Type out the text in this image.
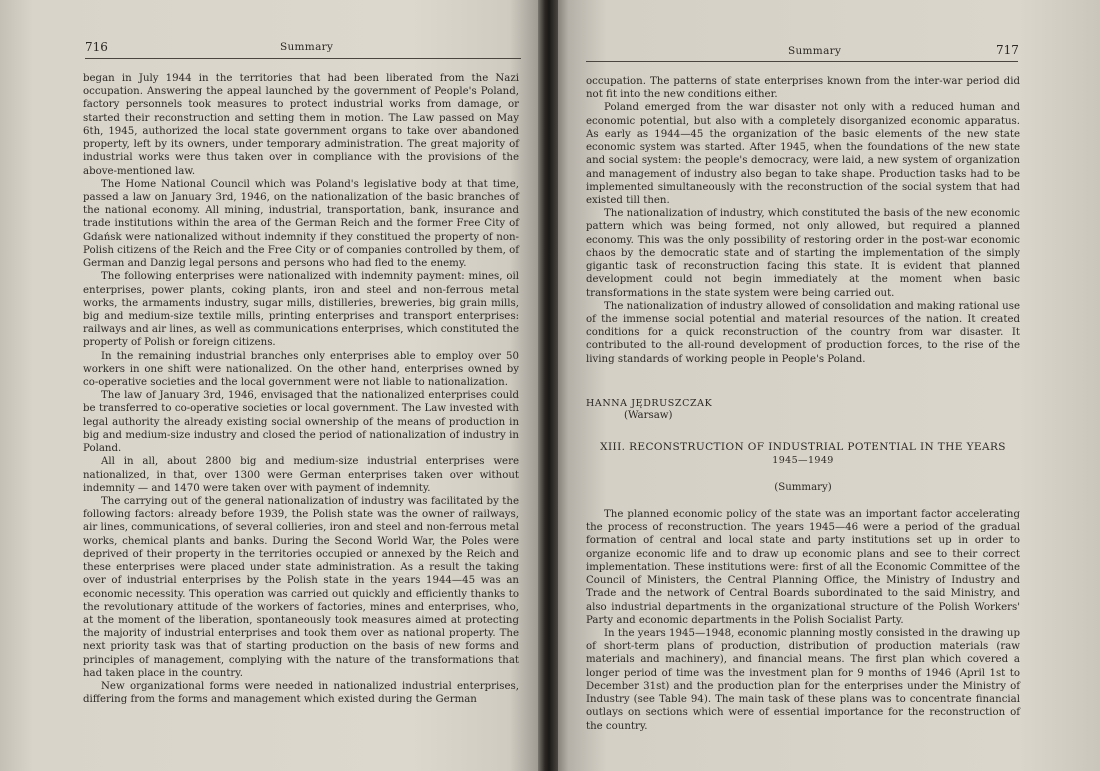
716	Summary

began in July 1944 in the territories that had been liberated from the Nazi occupation. Answering the appeal launched by the government of People's Poland, factory personnels took measures to protect industrial works from damage, or started their reconstruction and setting them in motion. The Law passed on May 6th, 1945, authorized the local state government organs to take over abandoned property, left by its owners, under temporary administration. The great majority of industrial works were thus taken over in compliance with the provisions of the above-mentioned law.

The Home National Council which was Poland's legislative body at that time, passed a law on January 3rd, 1946, on the nationalization of the basic branches of the national economy. All mining, industrial, transportation, bank, insurance and trade institutions within the area of the German Reich and the former Free City of Gdańsk were nationalized without indemnity if they constitued the property of non-Polish citizens of the Reich and the Free City or of companies controlled by them, of German and Danzig legal persons and persons who had fled to the enemy.

The following enterprises were nationalized with indemnity payment: mines, oil enterprises, power plants, coking plants, iron and steel and non-ferrous metal works, the armaments industry, sugar mills, distilleries, breweries, big grain mills, big and medium-size textile mills, printing enterprises and transport enterprises: railways and air lines, as well as communications enterprises, which constituted the property of Polish or foreign citizens.

In the remaining industrial branches only enterprises able to employ over 50 workers in one shift were nationalized. On the other hand, enterprises owned by co-operative societies and the local government were not liable to nationalization.

The law of January 3rd, 1946, envisaged that the nationalized enterprises could be transferred to co-operative societies or local government. The Law invested with legal authority the already existing social ownership of the means of production in big and medium-size industry and closed the period of nationalization of industry in Poland.

All in all, about 2800 big and medium-size industrial enterprises were nationalized, in that, over 1300 were German enterprises taken over without indemnity — and 1470 were taken over with payment of indemnity.

The carrying out of the general nationalization of industry was facilitated by the following factors: already before 1939, the Polish state was the owner of railways, air lines, communications, of several collieries, iron and steel and non-ferrous metal works, chemical plants and banks. During the Second World War, the Poles were deprived of their property in the territories occupied or annexed by the Reich and these enterprises were placed under state administration. As a result the taking over of industrial enterprises by the Polish state in the years 1944—45 was an economic necessity. This operation was carried out quickly and efficiently thanks to the revolutionary attitude of the workers of factories, mines and enterprises, who, at the moment of the liberation, spontaneously took measures aimed at protecting the majority of industrial enterprises and took them over as national property. The next priority task was that of starting production on the basis of new forms and principles of management, complying with the nature of the transformations that had taken place in the country.

New organizational forms were needed in nationalized industrial enterprises, differing from the forms and management which existed during the German

Summary	717

occupation. The patterns of state enterprises known from the inter-war period did not fit into the new conditions either.

Poland emerged from the war disaster not only with a reduced human and economic potential, but also with a completely disorganized economic apparatus. As early as 1944—45 the organization of the basic elements of the new state economic system was started. After 1945, when the foundations of the new state and social system: the people's democracy, were laid, a new system of organization and management of industry also began to take shape. Production tasks had to be implemented simultaneously with the reconstruction of the social system that had existed till then.

The nationalization of industry, which constituted the basis of the new economic pattern which was being formed, not only allowed, but required a planned economy. This was the only possibility of restoring order in the post-war economic chaos by the democratic state and of starting the implementation of the simply gigantic task of reconstruction facing this state. It is evident that planned development could not begin immediately at the moment when basic transformations in the state system were being carried out.

The nationalization of industry allowed of consolidation and making rational use of the immense social potential and material resources of the nation. It created conditions for a quick reconstruction of the country from war disaster. It contributed to the all-round development of production forces, to the rise of the living standards of working people in People's Poland.

HANNA JĘDRUSZCZAK
(Warsaw)
XIII. RECONSTRUCTION OF INDUSTRIAL POTENTIAL IN THE YEARS
1945—1949
(Summary)

The planned economic policy of the state was an important factor accelerating the process of reconstruction. The years 1945—46 were a period of the gradual formation of central and local state and party institutions set up in order to organize economic life and to draw up economic plans and see to their correct implementation. These institutions were: first of all the Economic Committee of the Council of Ministers, the Central Planning Office, the Ministry of Industry and Trade and the network of Central Boards subordinated to the said Ministry, and also industrial departments in the organizational structure of the Polish Workers' Party and economic departments in the Polish Socialist Party.

In the years 1945—1948, economic planning mostly consisted in the drawing up of short-term plans of production, distribution of production materials (raw materials and machinery), and financial means. The first plan which covered a longer period of time was the investment plan for 9 months of 1946 (April 1st to December 31st) and the production plan for the enterprises under the Ministry of Industry (see Table 94). The main task of these plans was to concentrate financial outlays on sections which were of essential importance for the reconstruction of the country.
